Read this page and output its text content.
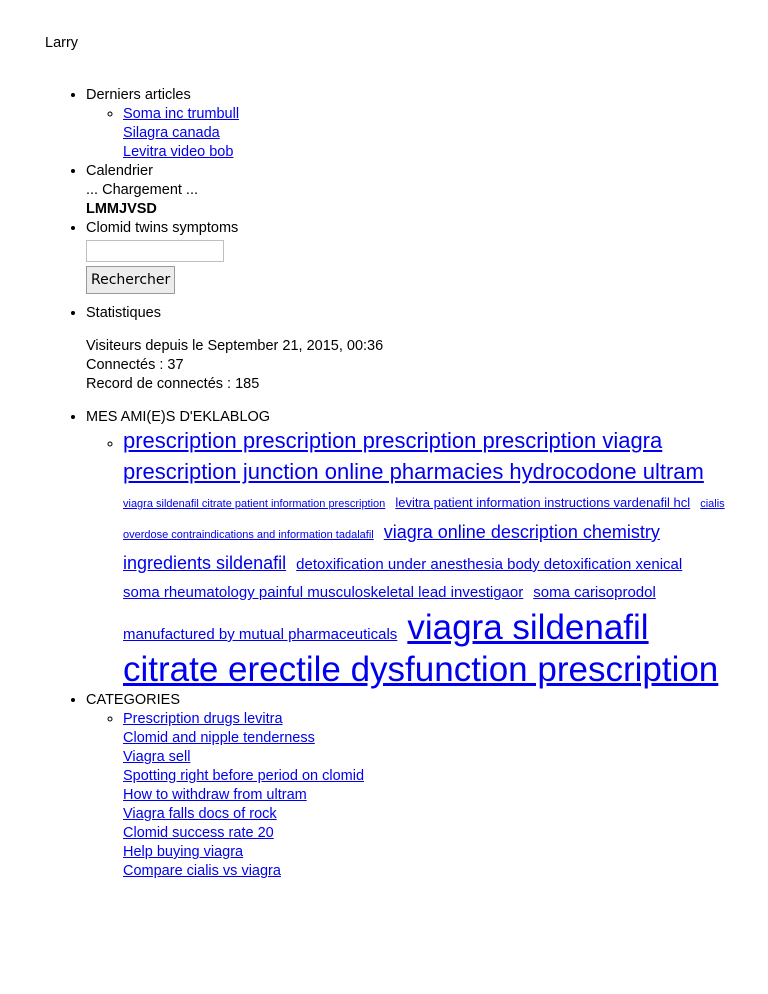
Larry
• Derniers articles
◦ Soma inc trumbull
Silagra canada
Levitra video bob
• Calendrier
... Chargement ...
LMMJVSD
• Clomid twins symptoms
Rechercher
• Statistiques
Visiteurs depuis le September 21, 2015, 00:36
Connectés : 37
Record de connectés : 185
• MES AMI(E)S D'EKLABLOG
◦ prescription prescription prescription prescription viagra prescription junction online pharmacies hydrocodone ultram viagra sildenafil citrate patient information prescription levitra patient information instructions vardenafil hcl cialis overdose contraindications and information tadalafil viagra online description chemistry ingredients sildenafil detoxification under anesthesia body detoxification xenical soma rheumatology painful musculoskeletal lead investigaor soma carisoprodol manufactured by mutual pharmaceuticals viagra sildenafil citrate erectile dysfunction prescription
• CATEGORIES
◦ Prescription drugs levitra
Clomid and nipple tenderness
Viagra sell
Spotting right before period on clomid
How to withdraw from ultram
Viagra falls docs of rock
Clomid success rate 20
Help buying viagra
Compare cialis vs viagra
